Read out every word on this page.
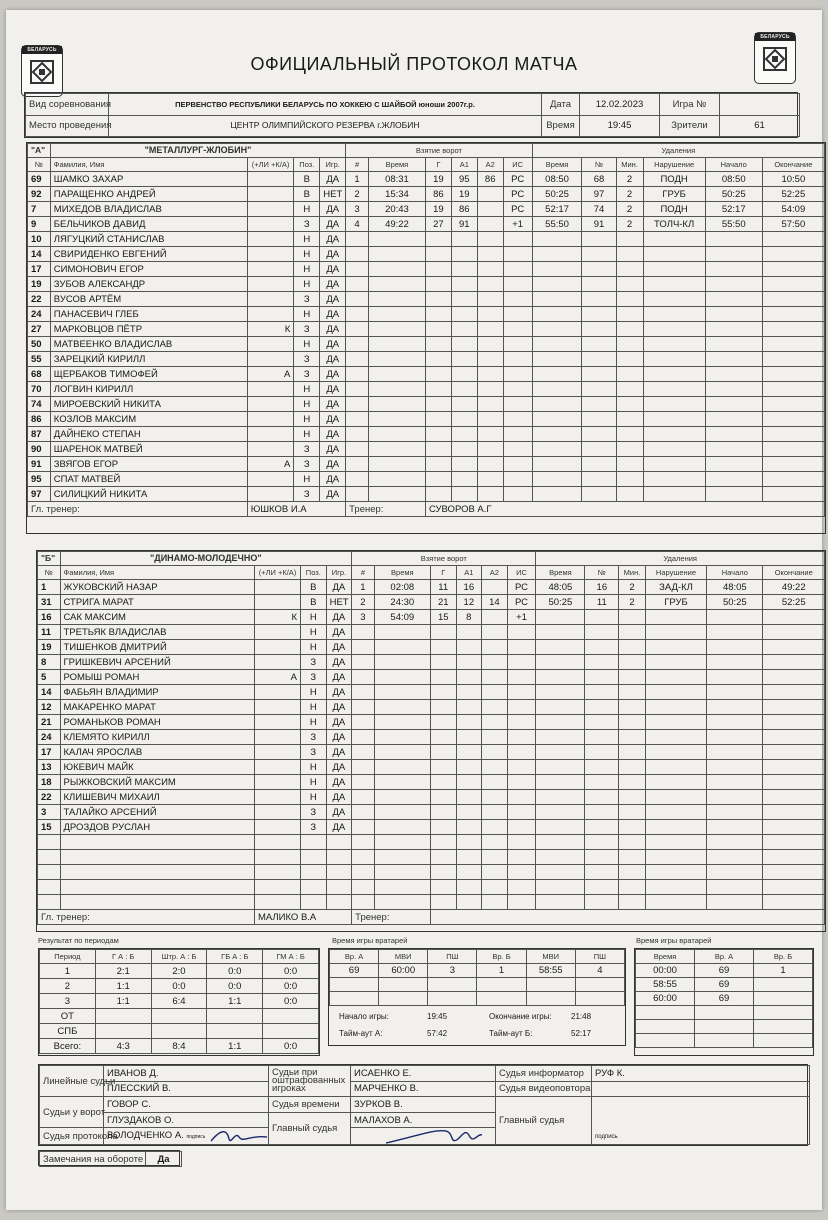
БЕЛАРУСЬ
БЕЛАРУСЬ
ОФИЦИАЛЬНЫЙ ПРОТОКОЛ МАТЧА
Вид соревнования	ПЕРВЕНСТВО РЕСПУБЛИКИ БЕЛАРУСЬ ПО ХОККЕЮ С ШАЙБОЙ юноши 2007г.р.	Дата	12.02.2023	Игра №	
Место проведения	ЦЕНТР ОЛИМПИЙСКОГО РЕЗЕРВА г.ЖЛОБИН	Время	19:45	Зрители	61
"А"	"МЕТАЛЛУРГ-ЖЛОБИН"				Взятие ворот						Удаления					
№	Фамилия, Имя	(+ЛИ +К/А)	Поз.	Игр.	#	Время	Г	А1	А2	ИС	Время	№	Мин.	Нарушение	Начало	Окончание
69	ШАМКО ЗАХАР		В	ДА	1	08:31	19	95	86	РС	08:50	68	2	ПОДН	08:50	10:50
92	ПАРАЩЕНКО АНДРЕЙ		В	НЕТ	2	15:34	86	19		РС	50:25	97	2	ГРУБ	50:25	52:25
7	МИХЕДОВ ВЛАДИСЛАВ		Н	ДА	3	20:43	19	86		РС	52:17	74	2	ПОДН	52:17	54:09
9	БЕЛЬЧИКОВ ДАВИД		З	ДА	4	49:22	27	91		+1	55:50	91	2	ТОЛЧ-КЛ	55:50	57:50
10	ЛЯГУЦКИЙ СТАНИСЛАВ		Н	ДА												
14	СВИРИДЕНКО ЕВГЕНИЙ		Н	ДА												
17	СИМОНОВИЧ ЕГОР		Н	ДА												
19	ЗУБОВ АЛЕКСАНДР		Н	ДА												
22	ВУСОВ АРТЁМ		З	ДА												
24	ПАНАСЕВИЧ ГЛЕБ		Н	ДА												
27	МАРКОВЦОВ ПЁТР	К	З	ДА												
50	МАТВЕЕНКО ВЛАДИСЛАВ		Н	ДА												
55	ЗАРЕЦКИЙ КИРИЛЛ		З	ДА												
68	ЩЕРБАКОВ ТИМОФЕЙ	А	З	ДА												
70	ЛОГВИН КИРИЛЛ		Н	ДА												
74	МИРОЕВСКИЙ НИКИТА		Н	ДА												
86	КОЗЛОВ МАКСИМ		Н	ДА												
87	ДАЙНЕКО СТЕПАН		Н	ДА												
90	ШАРЕНОК МАТВЕЙ		З	ДА												
91	ЗВЯГОВ ЕГОР	А	З	ДА												
95	СПАТ МАТВЕЙ		Н	ДА												
97	СИЛИЦКИЙ НИКИТА		З	ДА												
Гл. тренер:		ЮШКОВ И.А			Тренер:		СУВОРОВ А.Г									
"Б"	"ДИНАМО-МОЛОДЕЧНО"				Взятие ворот						Удаления					
№	Фамилия, Имя	(+ЛИ +К/А)	Поз.	Игр.	#	Время	Г	А1	А2	ИС	Время	№	Мин.	Нарушение	Начало	Окончание
1	ЖУКОВСКИЙ НАЗАР		В	ДА	1	02:08	11	16		РС	48:05	16	2	ЗАД-КЛ	48:05	49:22
31	СТРИГА МАРАТ		В	НЕТ	2	24:30	21	12	14	РС	50:25	11	2	ГРУБ	50:25	52:25
16	САК МАКСИМ	К	Н	ДА	3	54:09	15	8		+1						
11	ТРЕТЬЯК ВЛАДИСЛАВ		Н	ДА												
19	ТИШЕНКОВ ДМИТРИЙ		Н	ДА												
8	ГРИШКЕВИЧ АРСЕНИЙ		З	ДА												
5	РОМЫШ РОМАН	А	З	ДА												
14	ФАБЬЯН ВЛАДИМИР		Н	ДА												
12	МАКАРЕНКО МАРАТ		Н	ДА												
21	РОМАНЬКОВ РОМАН		Н	ДА												
24	КЛЕМЯТО КИРИЛЛ		З	ДА												
17	КАЛАЧ ЯРОСЛАВ		З	ДА												
13	ЮКЕВИЧ МАЙК		Н	ДА												
18	РЫЖКОВСКИЙ МАКСИМ		Н	ДА												
22	КЛИШЕВИЧ МИХАИЛ		Н	ДА												
3	ТАЛАЙКО АРСЕНИЙ		З	ДА												
15	ДРОЗДОВ РУСЛАН		З	ДА												

Гл. тренер:		МАЛИКО В.А			Тренер:											
Результат по периодам
Период	Г А : Б	Штр. А : Б	ГБ А : Б	ГМ А : Б
1	2:1	2:0	0:0	0:0
2	1:1	0:0	0:0	0:0
3	1:1	6:4	1:1	0:0
ОТ				
СПБ				
Всего:	4:3	8:4	1:1	0:0
Время игры вратарей
Вр. А	МВИ	ПШ	Вр. Б	МВИ	ПШ
69	60:00	3	1	58:55	4

Начало игры:	19:45	Окончание игры: 21:48
Тайм-аут А:	57:42	Тайм-аут Б:	52:17
Время игры вратарей
Время	Вр. А	Вр. Б
00:00	69	1
58:55	69	
60:00	69	

Линейные судьи	ИВАНОВ Д.	Судьи при оштрафованных игроках	ИСАЕНКО Е.	Судья информатор	РУФ К.
	ПЛЕССКИЙ В.		МАРЧЕНКО В.	Судья видеоповтора	
Судьи у ворот	ГОВОР С.	Судья времени	ЗУРКОВ В.	Главный судья	подпись
	ГЛУЗДАКОВ О.	Главный судья	МАЛАХОВ А.		
Судья протокола	ВОЛОДЧЕНКО А. подпись				
Замечания на обороте	Да
